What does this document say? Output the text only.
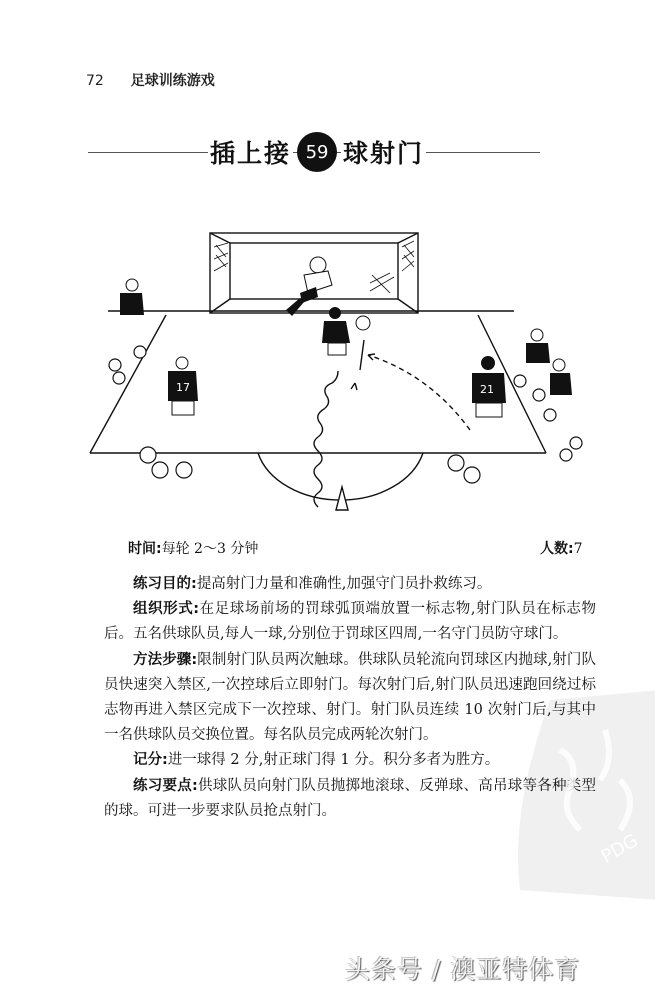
72 足球训练游戏
插上接 59 球射门
17	21
时间:每轮 2～3 分钟	人数:7

练习目的:提高射门力量和准确性,加强守门员扑救练习。

组织形式:在足球场前场的罚球弧顶端放置一标志物,射门队员在标志物后。五名供球队员,每人一球,分别位于罚球区四周,一名守门员防守球门。

方法步骤:限制射门队员两次触球。供球队员轮流向罚球区内抛球,射门队员快速突入禁区,一次控球后立即射门。每次射门后,射门队员迅速跑回绕过标志物再进入禁区完成下一次控球、射门。射门队员连续 10 次射门后,与其中一名供球队员交换位置。每名队员完成两轮次射门。

记分:进一球得 2 分,射正球门得 1 分。积分多者为胜方。

练习要点:供球队员向射门队员抛掷地滚球、反弹球、高吊球等各种类型的球。可进一步要求队员抢点射门。

PDG
头条号 / 澳亚特体育
